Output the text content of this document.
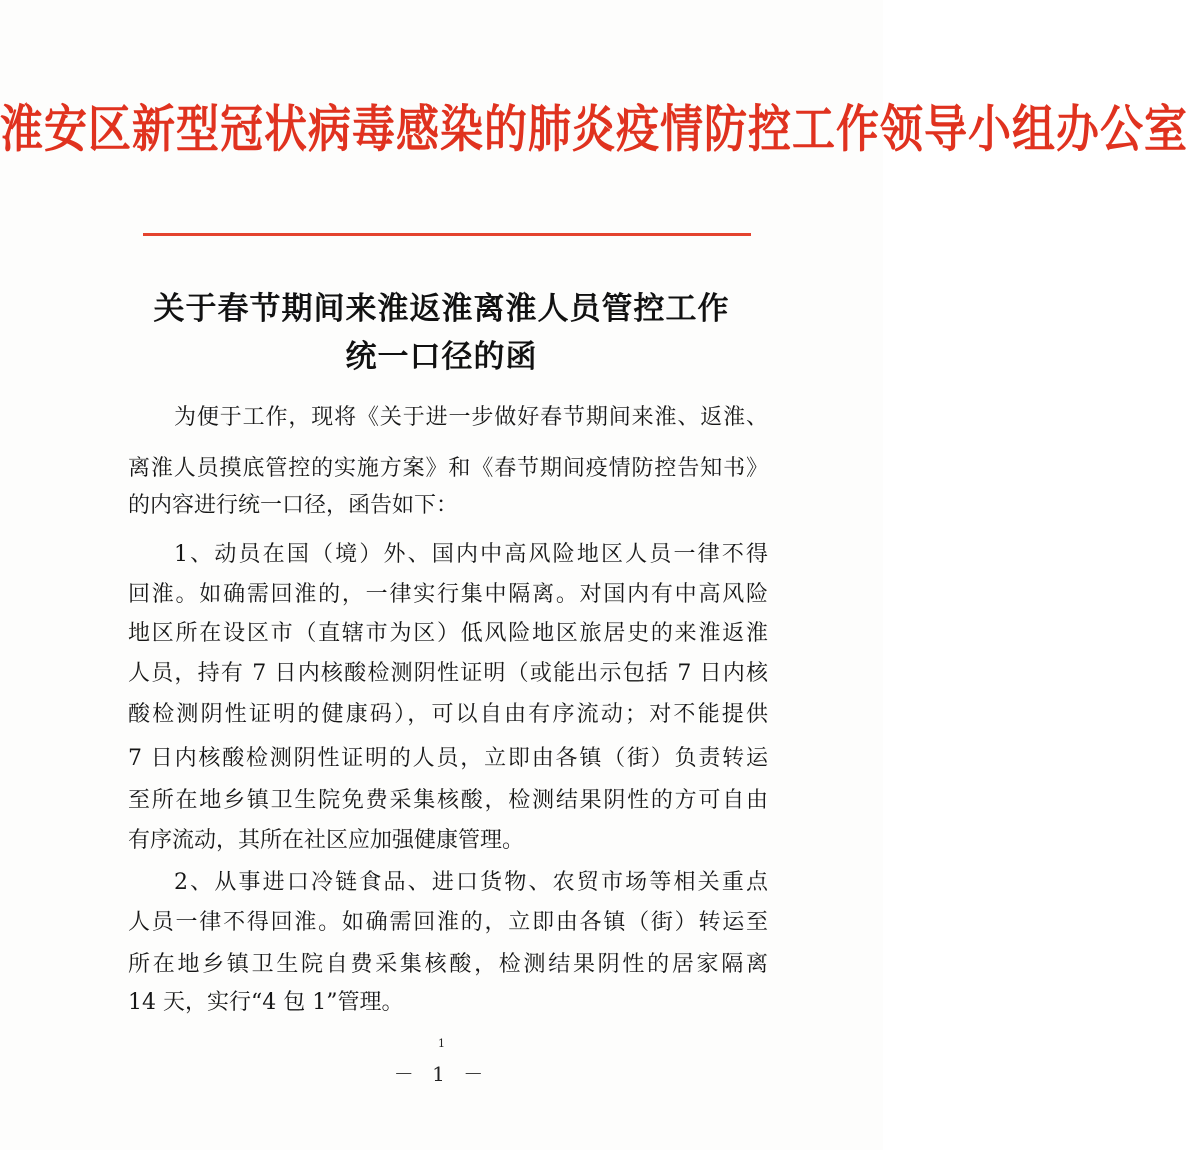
淮安区新型冠状病毒感染的肺炎疫情防控工作领导小组办公室
关于春节期间来淮返淮离淮人员管控工作
统一口径的函
为便于工作，现将《关于进一步做好春节期间来淮、返淮、
离淮人员摸底管控的实施方案》和《春节期间疫情防控告知书》
的内容进行统一口径，函告如下：
1、动员在国（境）外、国内中高风险地区人员一律不得
回淮。如确需回淮的，一律实行集中隔离。对国内有中高风险
地区所在设区市（直辖市为区）低风险地区旅居史的来淮返淮
人员，持有 7 日内核酸检测阴性证明（或能出示包括 7 日内核
酸检测阴性证明的健康码），可以自由有序流动；对不能提供
7 日内核酸检测阴性证明的人员，立即由各镇（街）负责转运
至所在地乡镇卫生院免费采集核酸，检测结果阴性的方可自由
有序流动，其所在社区应加强健康管理。
2、从事进口冷链食品、进口货物、农贸市场等相关重点
人员一律不得回淮。如确需回淮的，立即由各镇（街）转运至
所在地乡镇卫生院自费采集核酸，检测结果阴性的居家隔离
14 天，实行“4 包 1”管理。
1
－ 1 －
